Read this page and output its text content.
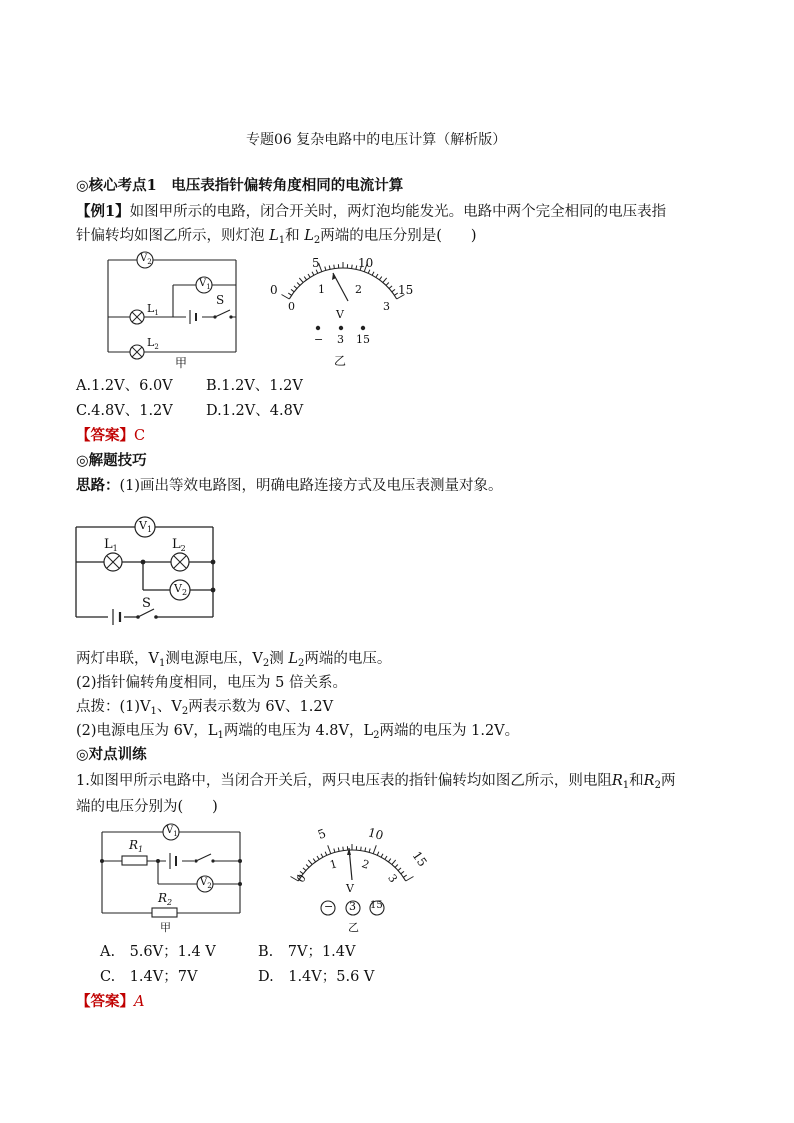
专题06 复杂电路中的电压计算（解析版）
◎核心考点1　电压表指针偏转角度相同的电流计算
【例1】如图甲所示的电路，闭合开关时，两灯泡均能发光。电路中两个完全相同的电压表指
针偏转均如图乙所示，则灯泡 $L_1$和 $L_2$两端的电压分别是(　　)
$V_2$
$V_1$
$L_1$
$L_2$
S
甲
5	10
15
0
0
1	2
3
V
− 3 15
乙
A.1.2V、6.0V B.1.2V、1.2V
C.4.8V、1.2V D.1.2V、4.8V
【答案】C
◎解题技巧
思路：(1)画出等效电路图，明确电路连接方式及电压表测量对象。
$V_1$
$V_2$
$L_1$	$L_2$
S
两灯串联，$V_1$测电源电压，$V_2$测 $L_2$两端的电压。
(2)指针偏转角度相同，电压为 5 倍关系。
点拨：$(1)V_1$、$V_2$两表示数为 6V、1.2V
(2)电源电压为 6V，$L_1$两端的电压为 4.8V，$L_2$两端的电压为 1.2V。
◎对点训练
1.如图甲所示电路中，当闭合开关后，两只电压表的指针偏转均如图乙所示，则电阻$R_1$和$R_2$两
端的电压分别为(　　)
$V_1$
$V_2$
$R_1$
$R_2$
甲
5	10
15
0
1 2
3
V
− 3 15
乙
A.　5.6V；1.4 V	B.　7V；1.4V
C.　1.4V；7V	D.　1.4V；5.6 V
【答案】A
